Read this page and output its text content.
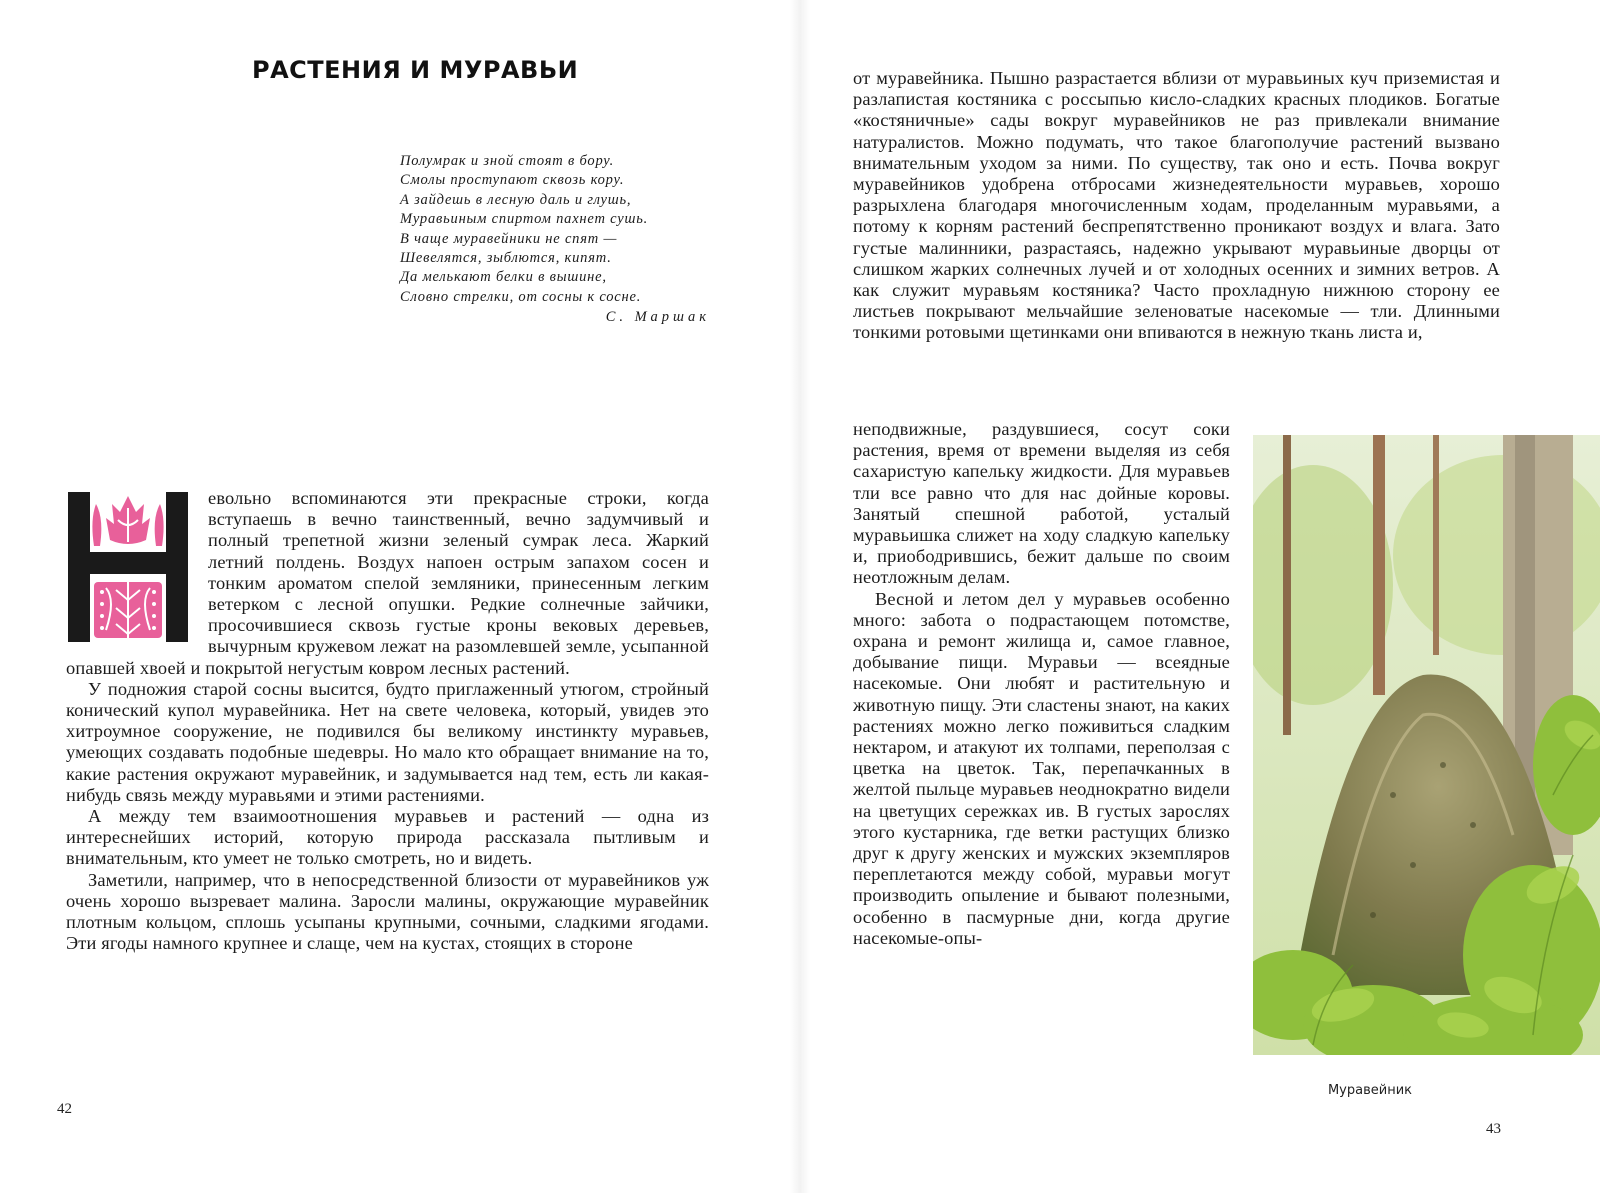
РАСТЕНИЯ И МУРАВЬИ
Полумрак и зной стоят в бору.
Смолы проступают сквозь кору.
А зайдешь в лесную даль и глушь,
Муравьиным спиртом пахнет сушь.
В чаще муравейники не спят —
Шевелятся, зыблются, кипят.
Да мелькают белки в вышине,
Словно стрелки, от сосны к сосне.
С. Маршак

евольно вспоминаются эти прекрасные строки, когда вступаешь в вечно таинственный, вечно задумчивый и полный трепетной жизни зеленый сумрак леса. Жаркий летний полдень. Воздух напоен острым запахом сосен и тонким ароматом спелой земляники, принесенным легким ветерком с лесной опушки. Редкие солнечные зайчики, просочившиеся сквозь густые кроны вековых деревьев, вычурным кружевом лежат на разомлевшей земле, усыпанной опавшей хвоей и покрытой негустым ковром лесных растений.

У подножия старой сосны высится, будто приглаженный утюгом, стройный конический купол муравейника. Нет на свете человека, который, увидев это хитроумное сооружение, не подивился бы великому инстинкту муравьев, умеющих создавать подобные шедевры. Но мало кто обращает внимание на то, какие растения окружают муравейник, и задумывается над тем, есть ли какая-нибудь связь между муравьями и этими растениями.

А между тем взаимоотношения муравьев и растений — одна из интереснейших историй, которую природа рассказала пытливым и внимательным, кто умеет не только смотреть, но и видеть.

Заметили, например, что в непосредственной близости от муравейников уж очень хорошо вызревает малина. Заросли малины, окружающие муравейник плотным кольцом, сплошь усыпаны крупными, сочными, сладкими ягодами. Эти ягоды намного крупнее и слаще, чем на кустах, стоящих в стороне

42

от муравейника. Пышно разрастается вблизи от муравьиных куч приземистая и разлапистая костяника с россыпью кисло-сладких красных плодиков. Богатые «костяничные» сады вокруг муравейников не раз привлекали внимание натуралистов. Можно подумать, что такое благополучие растений вызвано внимательным уходом за ними. По существу, так оно и есть. Почва вокруг муравейников удобрена отбросами жизнедеятельности муравьев, хорошо разрыхлена благодаря многочисленным ходам, проделанным муравьями, а потому к корням растений беспрепятственно проникают воздух и влага. Зато густые малинники, разрастаясь, надежно укрывают муравьиные дворцы от слишком жарких солнечных лучей и от холодных осенних и зимних ветров. А как служит муравьям костяника? Часто прохладную нижнюю сторону ее листьев покрывают мельчайшие зеленоватые насекомые — тли. Длинными тонкими ротовыми щетинками они впиваются в нежную ткань листа и,

неподвижные, раздувшиеся, сосут соки растения, время от времени выделяя из себя сахаристую капельку жидкости. Для муравьев тли все равно что для нас дойные коровы. Занятый спешной работой, усталый муравьишка слижет на ходу сладкую капельку и, приободрившись, бежит дальше по своим неотложным делам.

Весной и летом дел у муравьев особенно много: забота о подрастающем потомстве, охрана и ремонт жилища и, самое главное, добывание пищи. Муравьи — всеядные насекомые. Они любят и растительную и животную пищу. Эти сластены знают, на каких растениях можно легко поживиться сладким нектаром, и атакуют их толпами, переползая с цветка на цветок. Так, перепачканных в желтой пыльце муравьев неоднократно видели на цветущих сережках ив. В густых зарослях этого кустарника, где ветки растущих близко друг к другу женских и мужских экземпляров переплетаются между собой, муравьи могут производить опыление и бывают полезными, особенно в пасмурные дни, когда другие насекомые-опы-

Муравейник
43
